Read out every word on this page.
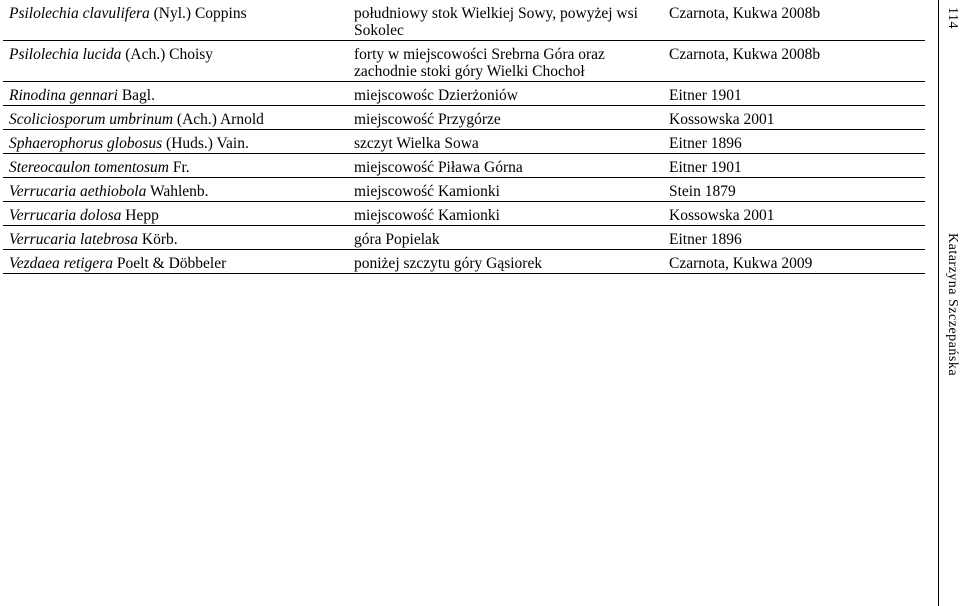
Psilolechia clavulifera (Nyl.) Coppins	południowy stok Wielkiej Sowy, powyżej wsi Sokolec	Czarnota, Kukwa 2008b
Psilolechia lucida (Ach.) Choisy	forty w miejscowości Srebrna Góra oraz zachodnie stoki góry Wielki Chochoł	Czarnota, Kukwa 2008b
Rinodina gennari Bagl.	miejscowośc Dzierżoniów	Eitner 1901
Scoliciosporum umbrinum (Ach.) Arnold	miejscowość Przygórze	Kossowska 2001
Sphaerophorus globosus (Huds.) Vain.	szczyt Wielka Sowa	Eitner 1896
Stereocaulon tomentosum Fr.	miejscowość Piława Górna	Eitner 1901
Verrucaria aethiobola Wahlenb.	miejscowość Kamionki	Stein 1879
Verrucaria dolosa Hepp	miejscowość Kamionki	Kossowska 2001
Verrucaria latebrosa Körb.	góra Popielak	Eitner 1896
Vezdaea retigera Poelt & Döbbeler	poniżej szczytu góry Gąsiorek	Czarnota, Kukwa 2009
114
Katarzyna Szczepańska
